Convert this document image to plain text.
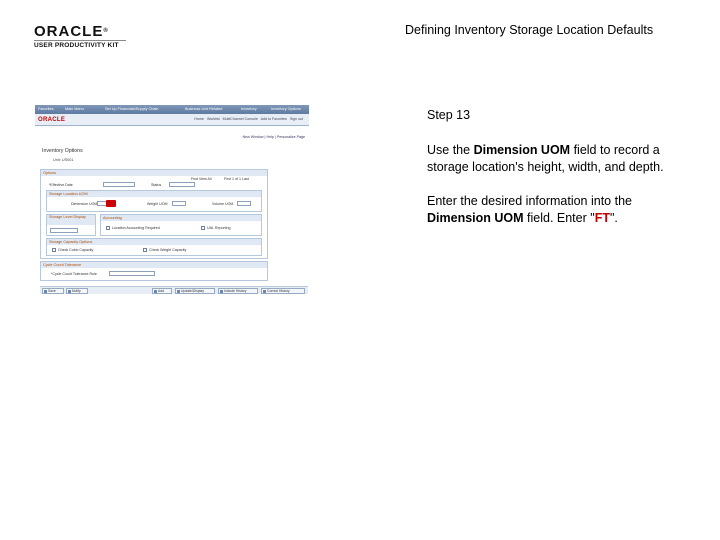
ORACLE®
USER PRODUCTIVITY KIT
Defining Inventory Storage Location Defaults
Favorites	Main Menu	Set Up Financials/Supply Chain	Business Unit Related	Inventory	Inventory Options
Home Worklist MultiChannel Console Add to Favorites Sign out
ORACLE
New Window | Help | Personalize Page
Inventory Options
Unit: US001
Options
Find View All	First 1 of 1 Last
*Effective Date	Status
Storage Location UOM
Dimension UOM	Weight UOM	Volume UOM
Storage Level Display	Accounting
Location Accounting Required	UAL Reporting
Storage Capacity Options
Check Cubic Capacity	Check Weight Capacity
Cycle Count Tolerance
*Cycle Count Tolerance Rule
Save	Notify	Add	Update/Display	Include History	Correct History
Step 13

Use the Dimension UOM field to record a storage location's height, width, and depth.

Enter the desired information into the Dimension UOM field. Enter "FT".
